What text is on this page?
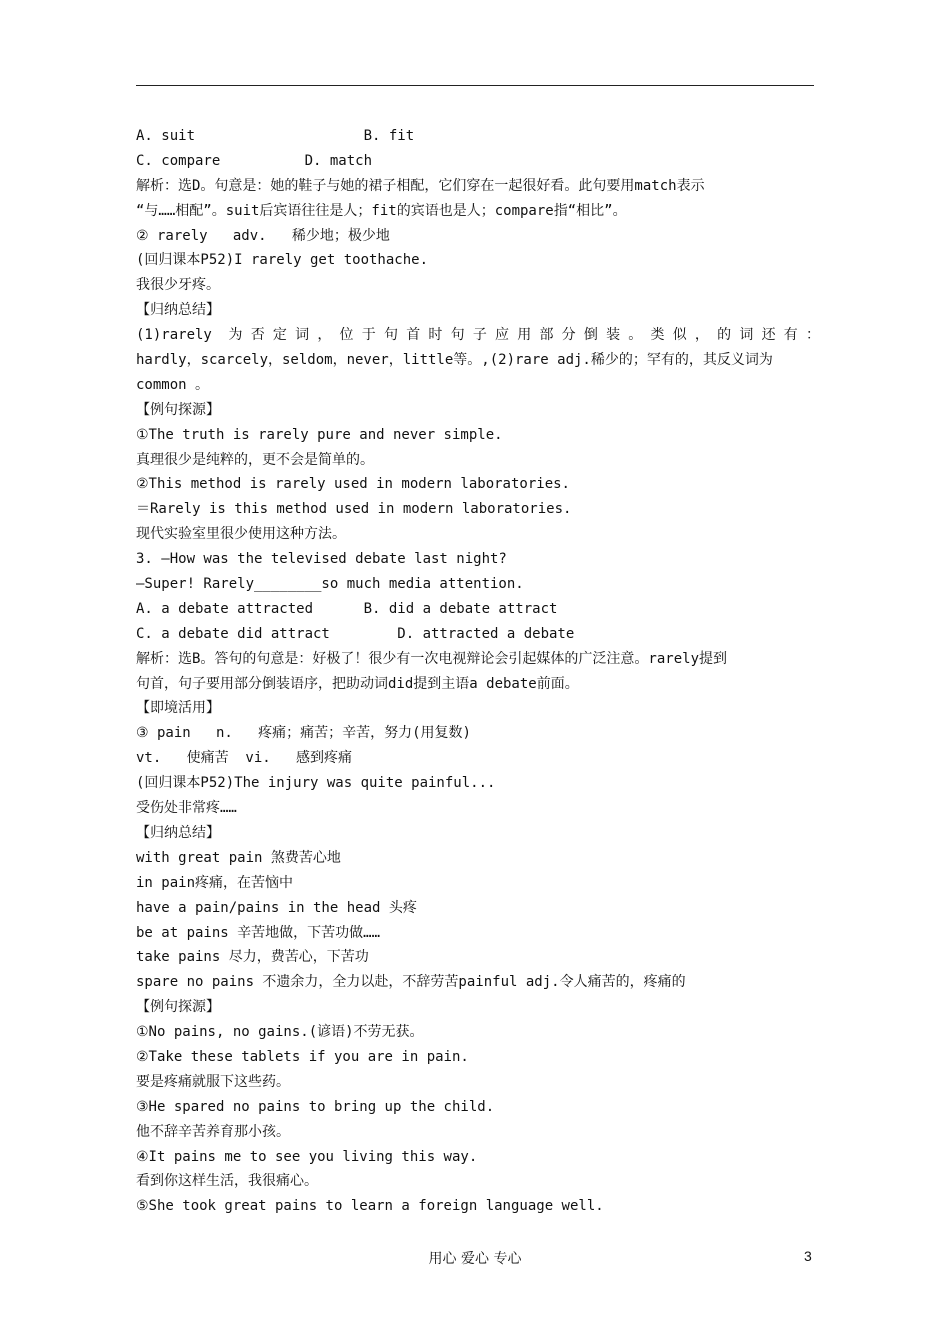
A. suit                    B. fit
C. compare          D. match
解析：选D。句意是：她的鞋子与她的裙子相配，它们穿在一起很好看。此句要用match表示
“与……相配”。suit后宾语往往是人；fit的宾语也是人；compare指“相比”。
② rarely   adv.   稀少地；极少地
(回归课本P52)I rarely get toothache.
我很少牙疼。
【归纳总结】
(1)rarely 为否定词，位于句首时句子应用部分倒装。类似，的词还有：
hardly，scarcely，seldom，never，little等。,(2)rare adj.稀少的；罕有的，其反义词为
common 。
【例句探源】
①The truth is rarely pure and never simple.
真理很少是纯粹的，更不会是简单的。
②This method is rarely used in modern laboratories.
＝Rarely is this method used in modern laboratories.
现代实验室里很少使用这种方法。
3. —How was the televised debate last night?
—Super! Rarely________so much media attention.
A. a debate attracted      B. did a debate attract
C. a debate did attract        D. attracted a debate
解析：选B。答句的句意是：好极了！很少有一次电视辩论会引起媒体的广泛注意。rarely提到
句首，句子要用部分倒装语序，把助动词did提到主语a debate前面。
【即境活用】
③ pain   n.   疼痛；痛苦；辛苦，努力(用复数)
vt.   使痛苦  vi.   感到疼痛
(回归课本P52)The injury was quite painful...
受伤处非常疼……
【归纳总结】
with great pain 煞费苦心地
in pain疼痛，在苦恼中
have a pain/pains in the head 头疼
be at pains 辛苦地做，下苦功做……
take pains 尽力，费苦心，下苦功
spare no pains 不遗余力，全力以赴，不辞劳苦painful adj.令人痛苦的，疼痛的
【例句探源】
①No pains, no gains.(谚语)不劳无获。
②Take these tablets if you are in pain.
要是疼痛就服下这些药。
③He spared no pains to bring up the child.
他不辞辛苦养育那小孩。
④It pains me to see you living this way.
看到你这样生活，我很痛心。
⑤She took great pains to learn a foreign language well.
用心 爱心 专心	3
